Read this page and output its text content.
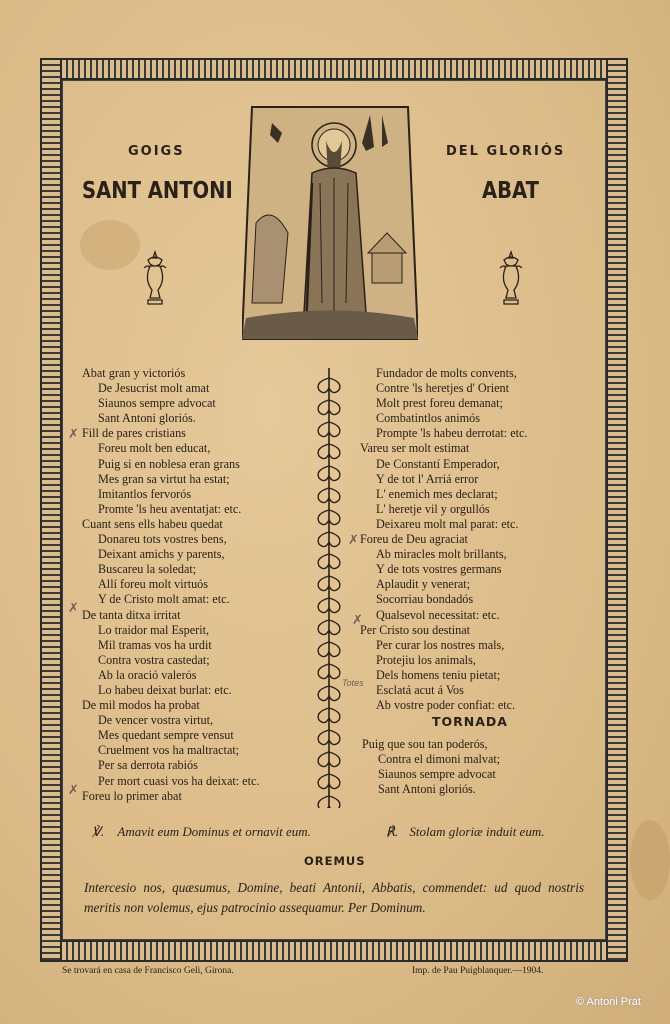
GOIGS	DEL GLORIÓS
SANT ANTONI	ABAT
Abat gran y victoriós
De Jesucrist molt amat
Siaunos sempre advocat
Sant Antoni gloriós.
Fill de pares cristians
Foreu molt ben educat,
Puig si en noblesa eran grans
Mes gran sa virtut ha estat;
Imitantlos fervorós
Promte 'ls heu aventatjat: etc.
Cuant sens ells habeu quedat
Donareu tots vostres bens,
Deixant amichs y parents,
Buscareu la soledat;
Allí foreu molt virtuós
Y de Cristo molt amat: etc.
De tanta ditxa irritat
Lo traidor mal Esperit,
Mil tramas vos ha urdit
Contra vostra castedat;
Ab la oració valerós
Lo habeu deixat burlat: etc.
De mil modos ha probat
De vencer vostra virtut,
Mes quedant sempre vensut
Cruelment vos ha maltractat;
Per sa derrota rabiós
Per mort cuasi vos ha deixat: etc.
Foreu lo primer abat
Fundador de molts convents,
Contre 'ls heretjes d' Orient
Molt prest foreu demanat;
Combatintlos animós
Prompte 'ls habeu derrotat: etc.
Vareu ser molt estimat
De Constantí Emperador,
Y de tot l' Arriá error
L' enemich mes declarat;
L' heretje vil y orgullós
Deixareu molt mal parat: etc.
Foreu de Deu agraciat
Ab miracles molt brillants,
Y de tots vostres germans
Aplaudit y venerat;
Socorriau bondadós
Qualsevol necessitat: etc.
Per Cristo sou destinat
Per curar los nostres mals,
Protejiu los animals,
Dels homens teniu pietat;
Esclatá acut á Vos
Ab vostre poder confiat: etc.
TORNADA
Puig que sou tan poderós,
Contra el dimoni malvat;
Siaunos sempre advocat
Sant Antoni gloriós.
✗
✗
✗
✗
✗
Totes
℣. Amavit eum Dominus et ornavit eum.	℟. Stolam gloriæ induit eum.
OREMUS
Intercesio nos, quæsumus, Domine, beati Antonii, Abbatis, commendet: ud quod nostris meritis non volemus, ejus patrocinio assequamur. Per Dominum.
Se trovará en casa de Francisco Geli, Girona.	Imp. de Pau Puigblanquer.—1904.
© Antoni Prat
